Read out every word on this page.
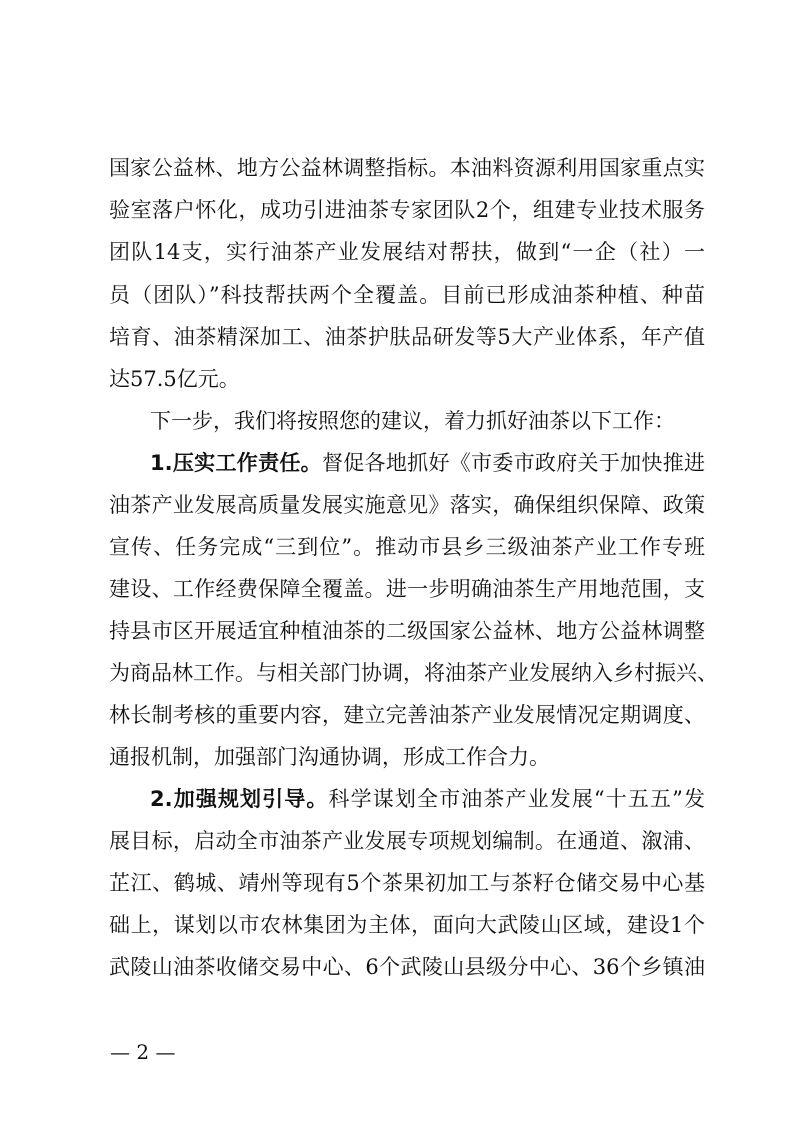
国家公益林、地方公益林调整指标。本油料资源利用国家重点实
验室落户怀化，成功引进油茶专家团队2个，组建专业技术服务
团队14支，实行油茶产业发展结对帮扶，做到“一企（社）一
员（团队）”科技帮扶两个全覆盖。目前已形成油茶种植、种苗
培育、油茶精深加工、油茶护肤品研发等5大产业体系，年产值
达57.5亿元。
下一步，我们将按照您的建议，着力抓好油茶以下工作：
1.压实工作责任。督促各地抓好《市委市政府关于加快推进
油茶产业发展高质量发展实施意见》落实，确保组织保障、政策
宣传、任务完成“三到位”。推动市县乡三级油茶产业工作专班
建设、工作经费保障全覆盖。进一步明确油茶生产用地范围，支
持县市区开展适宜种植油茶的二级国家公益林、地方公益林调整
为商品林工作。与相关部门协调，将油茶产业发展纳入乡村振兴、
林长制考核的重要内容，建立完善油茶产业发展情况定期调度、
通报机制，加强部门沟通协调，形成工作合力。
2.加强规划引导。科学谋划全市油茶产业发展“十五五”发
展目标，启动全市油茶产业发展专项规划编制。在通道、溆浦、
芷江、鹤城、靖州等现有5个茶果初加工与茶籽仓储交易中心基
础上，谋划以市农林集团为主体，面向大武陵山区域，建设1个
武陵山油茶收储交易中心、6个武陵山县级分中心、36个乡镇油
— 2 —
